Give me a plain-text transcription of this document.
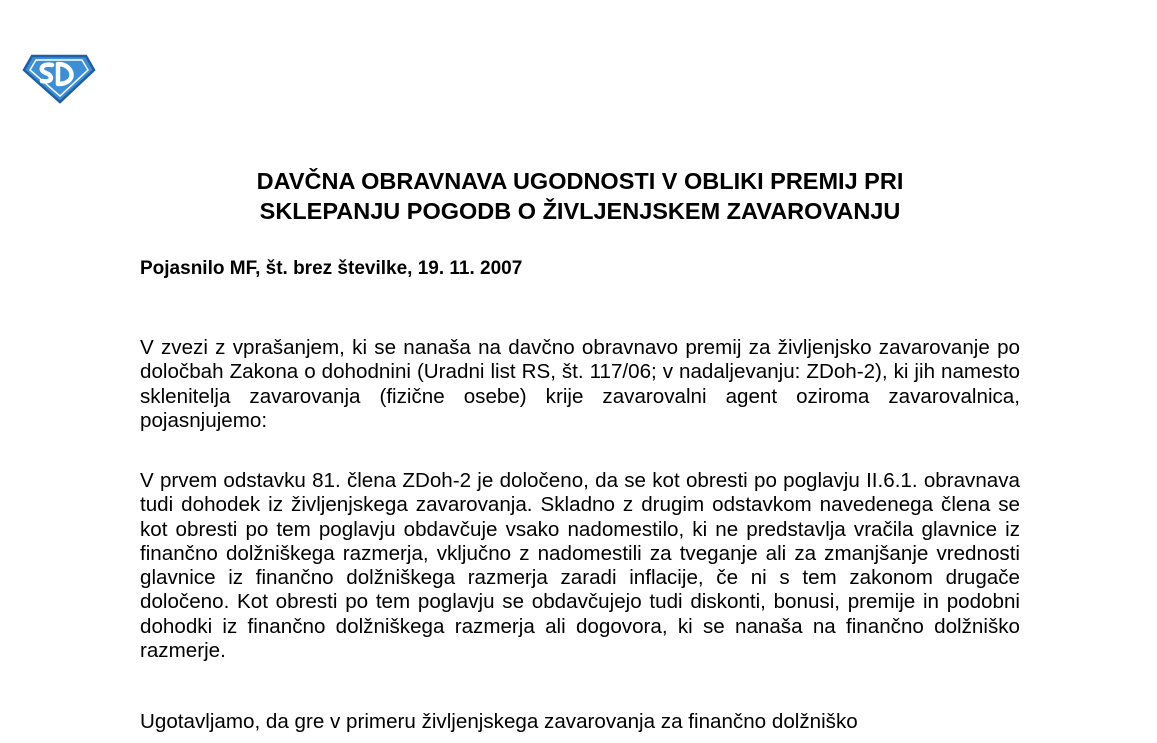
DAVČNA OBRAVNAVA UGODNOSTI V OBLIKI PREMIJ PRI
SKLEPANJU POGODB O ŽIVLJENJSKEM ZAVAROVANJU

Pojasnilo MF, št. brez številke, 19. 11. 2007

V zvezi z vprašanjem, ki se nanaša na davčno obravnavo premij za življenjsko zavarovanje po določbah Zakona o dohodnini (Uradni list RS, št. 117/06; v nadaljevanju: ZDoh-2), ki jih namesto sklenitelja zavarovanja (fizične osebe) krije zavarovalni agent oziroma zavarovalnica, pojasnjujemo:

V prvem odstavku 81. člena ZDoh-2 je določeno, da se kot obresti po poglavju II.6.1. obravnava tudi dohodek iz življenjskega zavarovanja. Skladno z drugim odstavkom navedenega člena se kot obresti po tem poglavju obdavčuje vsako nadomestilo, ki ne predstavlja vračila glavnice iz finančno dolžniškega razmerja, vključno z nadomestili za tveganje ali za zmanjšanje vrednosti glavnice iz finančno dolžniškega razmerja zaradi inflacije, če ni s tem zakonom drugače določeno. Kot obresti po tem poglavju se obdavčujejo tudi diskonti, bonusi, premije in podobni dohodki iz finančno dolžniškega razmerja ali dogovora, ki se nanaša na finančno dolžniško razmerje.

Ugotavljamo, da gre v primeru življenjskega zavarovanja za finančno dolžniško
